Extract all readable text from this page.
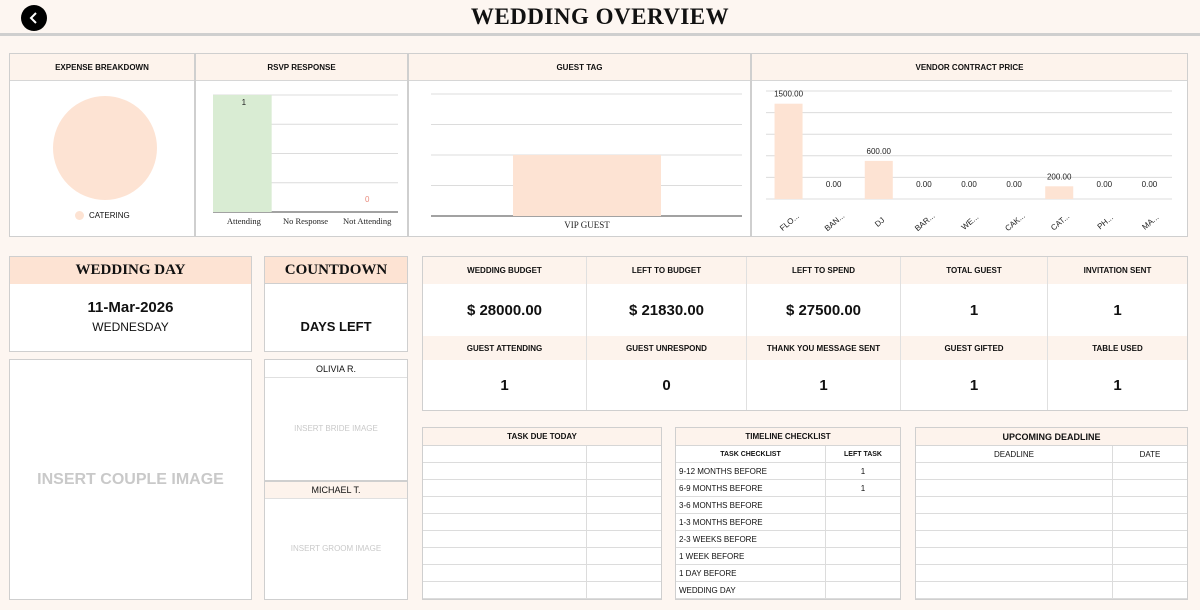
WEDDING OVERVIEW
EXPENSE BREAKDOWN
CATERING
RSVP RESPONSE
1
Attending	No Response
0
Not Attending
GUEST TAG
VIP GUEST
VENDOR CONTRACT PRICE
1500.00
FLO...
0.00
BAN...
600.00
DJ
0.00
BAR...
0.00
WE...
0.00
CAK...
200.00
CAT...
0.00
PH...
0.00
MA...
WEDDING DAY
11-Mar-2026
WEDNESDAY
COUNTDOWN
DAYS LEFT
INSERT COUPLE IMAGE
OLIVIA R.
INSERT BRIDE IMAGE
MICHAEL T.
INSERT GROOM IMAGE
WEDDING BUDGET	LEFT TO BUDGET	LEFT TO SPEND	TOTAL GUEST	INVITATION SENT
$ 28000.00	$ 21830.00	$ 27500.00	1	1
GUEST ATTENDING	GUEST UNRESPOND	THANK YOU MESSAGE SENT	GUEST GIFTED	TABLE USED
1	0	1	1	1
TASK DUE TODAY	TIMELINE CHECKLIST
TASK CHECKLIST	LEFT TASK
9-12 MONTHS BEFORE	1
6-9 MONTHS BEFORE	1
3-6 MONTHS BEFORE
1-3 MONTHS BEFORE
2-3 WEEKS BEFORE
1 WEEK BEFORE
1 DAY BEFORE
WEDDING DAY
UPCOMING DEADLINE
DEADLINE	DATE
